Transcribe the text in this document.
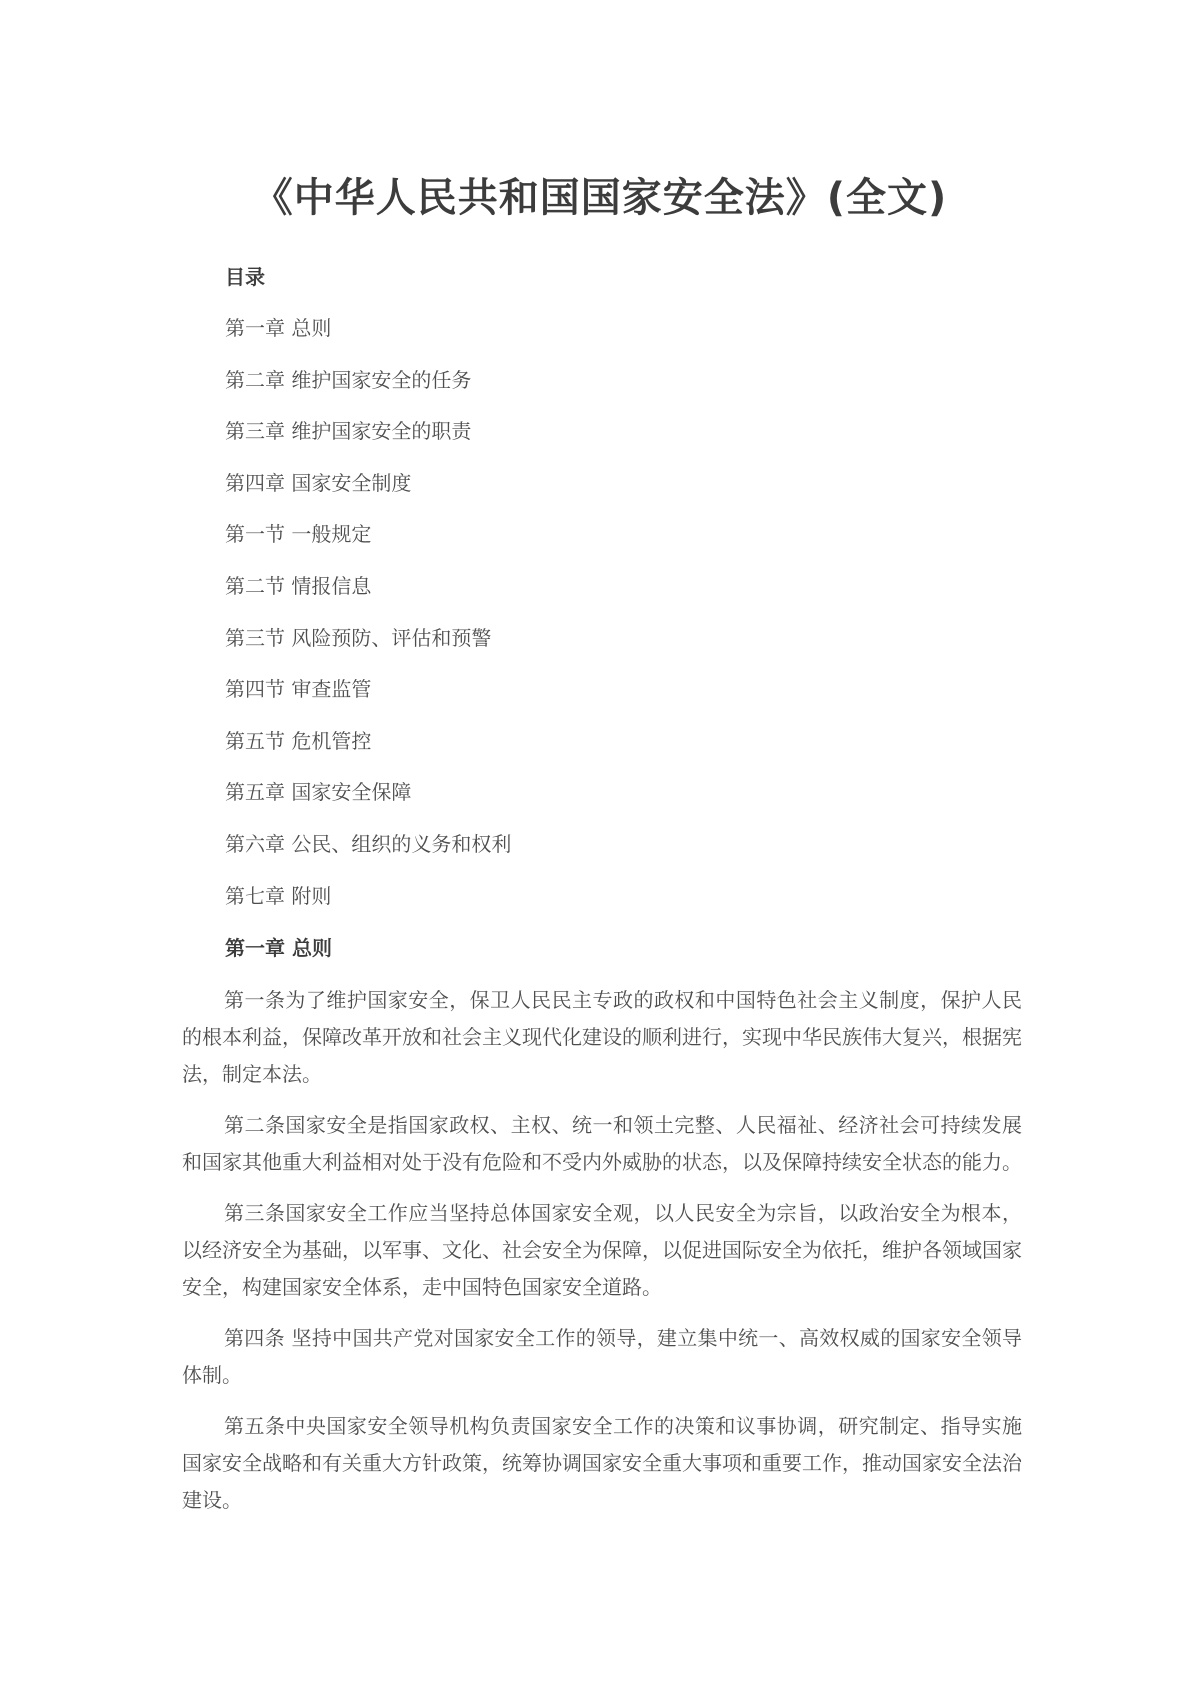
《中华人民共和国国家安全法》(全文)
目录
第一章 总则
第二章 维护国家安全的任务
第三章 维护国家安全的职责
第四章 国家安全制度
第一节 一般规定
第二节 情报信息
第三节 风险预防、评估和预警
第四节 审查监管
第五节 危机管控
第五章 国家安全保障
第六章 公民、组织的义务和权利
第七章 附则
第一章 总则

第一条为了维护国家安全，保卫人民民主专政的政权和中国特色社会主义制度，保护人民的根本利益，保障改革开放和社会主义现代化建设的顺利进行，实现中华民族伟大复兴，根据宪法，制定本法。

第二条国家安全是指国家政权、主权、统一和领土完整、人民福祉、经济社会可持续发展和国家其他重大利益相对处于没有危险和不受内外威胁的状态，以及保障持续安全状态的能力。

第三条国家安全工作应当坚持总体国家安全观，以人民安全为宗旨，以政治安全为根本，以经济安全为基础，以军事、文化、社会安全为保障，以促进国际安全为依托，维护各领域国家安全，构建国家安全体系，走中国特色国家安全道路。

第四条 坚持中国共产党对国家安全工作的领导，建立集中统一、高效权威的国家安全领导体制。

第五条中央国家安全领导机构负责国家安全工作的决策和议事协调，研究制定、指导实施国家安全战略和有关重大方针政策，统筹协调国家安全重大事项和重要工作，推动国家安全法治建设。
